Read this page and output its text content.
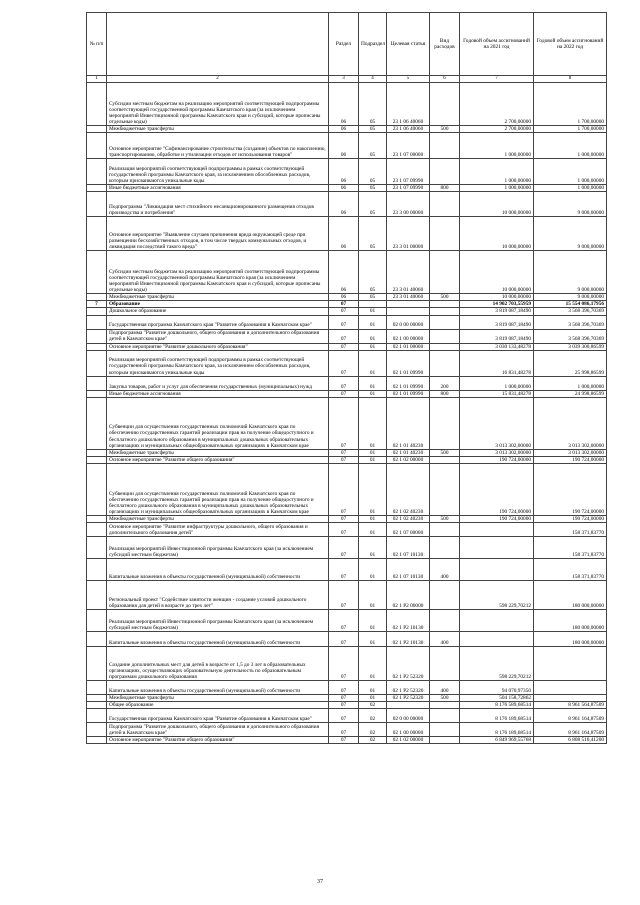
№ п/п		Раздел	Подраздел	Целевая статья	Вид расходов	Годовой объем ассигнований на 2021 год	Годовой объем ассигнований на 2022 год
1	2	3	4	5	6	7	8
	Субсидии местным бюджетам на реализацию мероприятий соответствующей подпрограммы соответствующей государственной программы Камчатского края (за исключением мероприятий Инвестиционной программы Камчатского края и субсидий, которые прописаны отдельные коды)	06	05	23 1 06 40060		2 700,00000	1 700,00000
	Межбюджетные трансферты	06	05	23 1 06 40060	500	2 700,00000	1 700,00000
	Основное мероприятие "Софинансирование строительства (создание) объектов по накоплению, транспортированию, обработке и утилизации отходов от использования товаров"	06	05	23 1 07 00000		1 000,00000	1 000,00000
	Реализация мероприятий соответствующей подпрограммы в рамках соответствующей государственной программы Камчатского края, за исключением обособленных расходов, которым присваиваются уникальные коды	06	05	23 1 07 09990		1 000,00000	1 000,00000
	Иные бюджетные ассигнования	06	05	23 1 07 09990	800	1 000,00000	1 000,00000
	Подпрограмма "Ликвидация мест стихийного несанкционированного размещения отходов производства и потребления"	06	05	23 3 00 00000		10 000,00000	9 000,00000
	Основное мероприятие "Выявление случаев причинения вреда окружающей среде при размещении бесхозяйственных отходов, в том числе твердых коммунальных отходов, и ликвидация последствий такого вреда"	06	05	23 3 01 00000		10 000,00000	9 000,00000
	Субсидии местным бюджетам на реализацию мероприятий соответствующей подпрограммы соответствующей государственной программы Камчатского края (за исключением мероприятий Инвестиционной программы Камчатского края и субсидий, которые прописаны отдельные коды)	06	05	23 3 01 40060		10 000,00000	9 000,00000
	Межбюджетные трансферты	06	05	23 3 01 40060	500	10 000,00000	9 000,00000
7	Образование	07				14 902 703,55959	15 554 086,17956
	Дошкольное образование	07	01			3 819 087,18490	3 568 396,70369
	Государственная программа Камчатского края "Развитие образования в Камчатском крае"	07	01	02 0 00 00000		3 819 087,18490	3 568 396,70369
	Подпрограмма "Развитие дошкольного, общего образования и дополнительного образования детей в Камчатском крае"	07	01	02 1 00 00000		3 819 087,18490	3 568 396,70369
	Основное мероприятие "Развитие дошкольного образования"	07	01	02 1 01 00000		3 030 133,48278	3 039 300,86599
	Реализация мероприятий соответствующей подпрограммы в рамках соответствующей государственной программы Камчатского края, за исключением обособленных расходов, которым присваиваются уникальные коды	07	01	02 1 01 09990		16 831,48278	25 998,86599
	Закупка товаров, работ и услуг для обеспечения государственных (муниципальных) нужд	07	01	02 1 01 09990	200	1 000,00000	1 000,00000
	Иные бюджетные ассигнования	07	01	02 1 01 09990	800	15 831,48278	24 998,86599
	Субвенции для осуществления государственных полномочий Камчатского края по обеспечению государственных гарантий реализации прав на получение общедоступного и бесплатного дошкольного образования в муниципальных дошкольных образовательных организациях и муниципальных общеобразовательных организациях в Камчатском крае	07	01	02 1 01 40230		3 013 302,00000	3 013 302,00000
	Межбюджетные трансферты	07	01	02 1 01 40230	500	3 013 302,00000	3 013 302,00000
	Основное мероприятие "Развитие общего образования"	07	01	02 1 02 00000		190 724,00000	190 724,00000
	Субвенции для осуществления государственных полномочий Камчатского края по обеспечению государственных гарантий реализации прав на получение общедоступного и бесплатного дошкольного образования в муниципальных дошкольных образовательных организациях и муниципальных общеобразовательных организациях в Камчатском крае	07	01	02 1 02 40230		190 724,00000	190 724,00000
	Межбюджетные трансферты	07	01	02 1 02 40230	500	190 724,00000	190 724,00000
	Основное мероприятие "Развитие инфраструктуры дошкольного, общего образования и дополнительного образования детей"	07	01	02 1 07 00000			158 371,83770
	Реализация мероприятий Инвестиционной программы Камчатского края (за исключением субсидий местным бюджетам)	07	01	02 1 07 10130			158 371,83770
	Капитальные вложения в объекты государственной (муниципальной) собственности	07	01	02 1 07 10130	400		158 371,83770
	Региональный проект "Содействие занятости женщин - создание условий дошкольного образования для детей в возрасте до трех лет"	07	01	02 1 P2 00000		598 229,70212	180 000,00000
	Реализация мероприятий Инвестиционной программы Камчатского края (за исключением субсидий местным бюджетам)	07	01	02 1 P2 10130			180 000,00000
	Капитальные вложения в объекты государственной (муниципальной) собственности	07	01	02 1 P2 10130	400		180 000,00000
	Создание дополнительных мест для детей в возрасте от 1,5 до 3 лет в образовательных организациях, осуществляющих образовательную деятельность по образовательным программам дошкольного образования	07	01	02 1 P2 52320		598 229,70212	
	Капитальные вложения в объекты государственной (муниципальной) собственности	07	01	02 1 P2 52320	400	94 070,97350	
	Межбюджетные трансферты	07	01	02 1 P2 52320	500	504 158,72862	
	Общее образование	07	02			8 176 589,68514	8 961 564,87509
	Государственная программа Камчатского края "Развитие образования в Камчатском крае"	07	02	02 0 00 00000		8 176 189,68514	8 961 164,87509
	Подпрограмма "Развитие дошкольного, общего образования и дополнительного образования детей в Камчатском крае"	07	02	02 1 00 00000		8 176 189,68514	8 961 164,87509
	Основное мероприятие "Развитие общего образования"	07	02	02 1 02 00000		6 849 969,55768	6 808 510,41200
37
